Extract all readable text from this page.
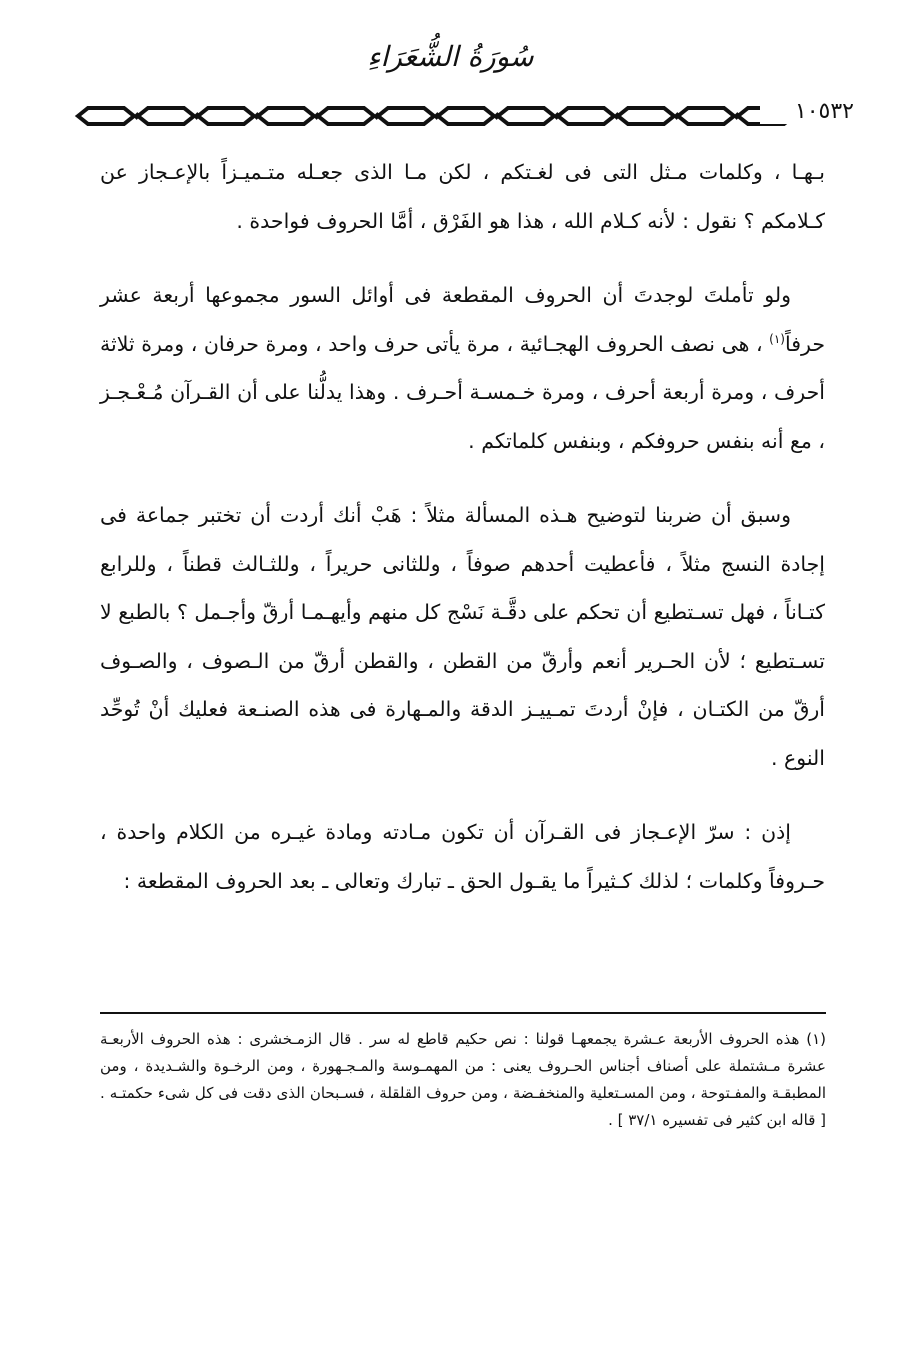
سُورَةُ الشُّعَرَاءِ
١٠٥٣٢

بـهـا ، وكلمات مـثل التى فى لغـتكم ، لكن مـا الذى جعـله متـميـزاً بالإعـجاز عن كـلامكم ؟ نقول : لأنه كـلام الله ، هذا هو الفَرْق ، أمَّا الحروف فواحدة .

ولو تأملتَ لوجدتَ أن الحروف المقطعة فى أوائل السور مجموعها أربعة عشر حرفاً$^{(١)}$ ، هى نصف الحروف الهجـائية ، مرة يأتى حرف واحد ، ومرة حرفان ، ومرة ثلاثة أحرف ، ومرة أربعة أحرف ، ومرة خـمسـة أحـرف . وهذا يدلُّنا على أن القـرآن مُـعْـجـز ، مع أنه بنفس حروفكم ، وبنفس كلماتكم .

وسبق أن ضربنا لتوضيح هـذه المسألة مثلاً : هَبْ أنك أردت أن تختبر جماعة فى إجادة النسج مثلاً ، فأعطيت أحدهم صوفاً ، وللثانى حريراً ، وللثـالث قطناً ، وللرابع كتـاناً ، فهل تسـتطيع أن تحكم على دقَّـة نَسْج كل منهم وأيهـمـا أرقّ وأجـمل ؟ بالطبع لا تسـتطيع ؛ لأن الحـرير أنعم وأرقّ من القطن ، والقطن أرقّ من الـصوف ، والصـوف أرقّ من الكتـان ، فإنْ أردتَ تمـييـز الدقة والمـهارة فى هذه الصنـعة فعليك أنْ تُوحِّد النوع .

إذن : سرّ الإعـجاز فى القـرآن أن تكون مـادته ومادة غيـره من الكلام واحدة ، حـروفاً وكلمات ؛ لذلك كـثيراً ما يقـول الحق ـ تبارك وتعالى ـ بعد الحروف المقطعة :

(١) هذه الحروف الأربعة عـشرة يجمعهـا قولنا : نص حكيم قاطع له سر . قال الزمـخشرى : هذه الحروف الأربعـة عشرة مـشتملة على أصناف أجناس الحـروف يعنى : من المهمـوسة والمـجـهورة ، ومن الرخـوة والشـديدة ، ومن المطبقـة والمفـتوحة ، ومن المسـتعلية والمنخفـضة ، ومن حروف القلقلة ، فسـبحان الذى دقت فى كل شىء حكمتـه . [ قاله ابن كثير فى تفسيره ٣٧/١ ] .
